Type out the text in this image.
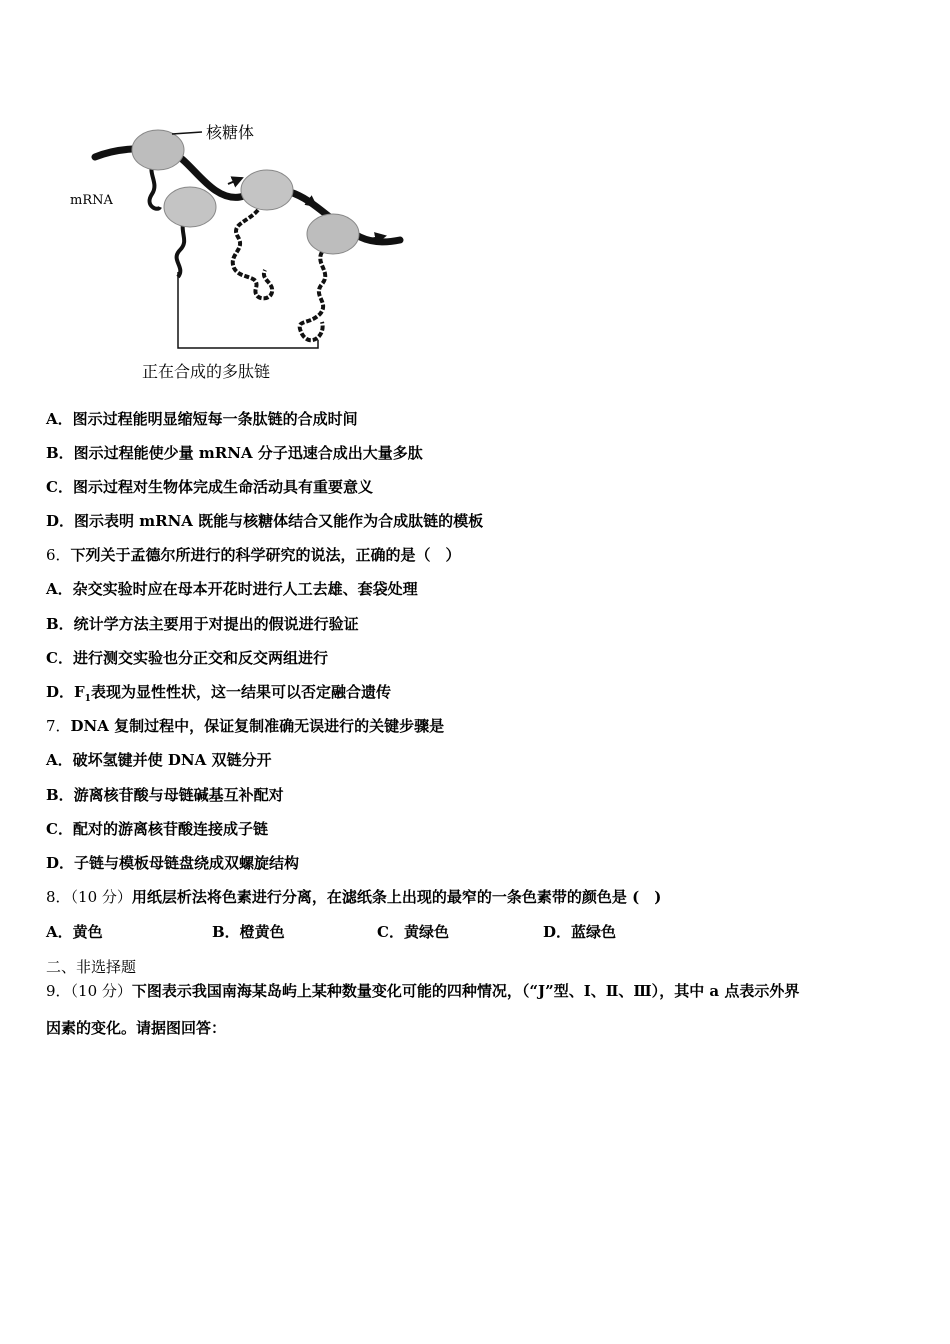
核糖体
mRNA
正在合成的多肽链
A．图示过程能明显缩短每一条肽链的合成时间
B．图示过程能使少量 mRNA 分子迅速合成出大量多肽
C．图示过程对生物体完成生命活动具有重要意义
D．图示表明 mRNA 既能与核糖体结合又能作为合成肽链的模板
6．下列关于孟德尔所进行的科学研究的说法，正确的是（　）
A．杂交实验时应在母本开花时进行人工去雄、套袋处理
B．统计学方法主要用于对提出的假说进行验证
C．进行测交实验也分正交和反交两组进行
D．$F_1$表现为显性性状，这一结果可以否定融合遗传
7．DNA 复制过程中，保证复制准确无误进行的关键步骤是
A．破坏氢键并使 DNA 双链分开
B．游离核苷酸与母链碱基互补配对
C．配对的游离核苷酸连接成子链
D．子链与模板母链盘绕成双螺旋结构
8．（10 分）用纸层析法将色素进行分离，在滤纸条上出现的最窄的一条色素带的颜色是 (　)
A．黄色	B．橙黄色	C．黄绿色	D．蓝绿色
二、非选择题
9．（10 分）下图表示我国南海某岛屿上某种数量变化可能的四种情况，（“J”型、Ⅰ、Ⅱ、Ⅲ），其中 a 点表示外界
因素的变化。请据图回答：
